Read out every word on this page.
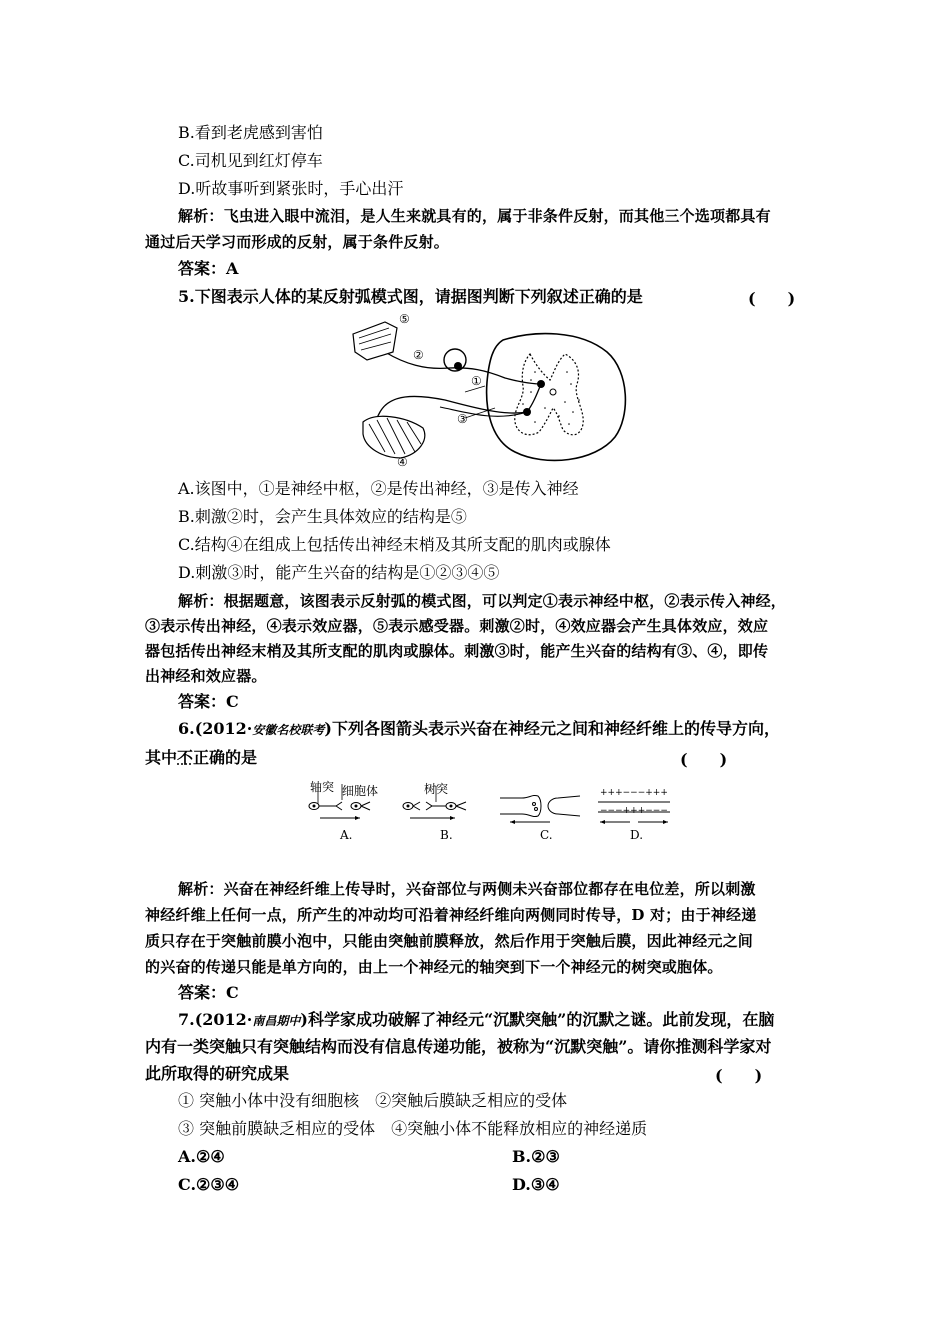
B.看到老虎感到害怕
C.司机见到红灯停车
D.听故事听到紧张时，手心出汗
解析：飞虫进入眼中流泪，是人生来就具有的，属于非条件反射，而其他三个选项都具有
通过后天学习而形成的反射，属于条件反射。
答案：A
5.下图表示人体的某反射弧模式图，请据图判断下列叙述正确的是	(　　)
⑤
②
①
③
④
A.该图中，①是神经中枢，②是传出神经，③是传入神经
B.刺激②时，会产生具体效应的结构是⑤
C.结构④在组成上包括传出神经末梢及其所支配的肌肉或腺体
D.刺激③时，能产生兴奋的结构是①②③④⑤
解析：根据题意，该图表示反射弧的模式图，可以判定①表示神经中枢，②表示传入神经，
③表示传出神经，④表示效应器，⑤表示感受器。刺激②时，④效应器会产生具体效应，效应
器包括传出神经末梢及其所支配的肌肉或腺体。刺激③时，能产生兴奋的结构有③、④，即传
出神经和效应器。
答案：C
6.(2012·安徽名校联考)下列各图箭头表示兴奋在神经元之间和神经纤维上的传导方向，
其中不正确的是	(　　)
轴突 细胞体	树突	+++−−−+++
−−−+++−−−
A.	B.	C.	D.
解析：兴奋在神经纤维上传导时，兴奋部位与两侧未兴奋部位都存在电位差，所以刺激
神经纤维上任何一点，所产生的冲动均可沿着神经纤维向两侧同时传导，D 对；由于神经递
质只存在于突触前膜小泡中，只能由突触前膜释放，然后作用于突触后膜，因此神经元之间
的兴奋的传递只能是单方向的，由上一个神经元的轴突到下一个神经元的树突或胞体。
答案：C
7.(2012·南昌期中)科学家成功破解了神经元“沉默突触”的沉默之谜。此前发现，在脑
内有一类突触只有突触结构而没有信息传递功能，被称为“沉默突触”。请你推测科学家对
此所取得的研究成果	(　　)
① 突触小体中没有细胞核　②突触后膜缺乏相应的受体
③ 突触前膜缺乏相应的受体　④突触小体不能释放相应的神经递质
A.②④	B.②③
C.②③④	D.③④
